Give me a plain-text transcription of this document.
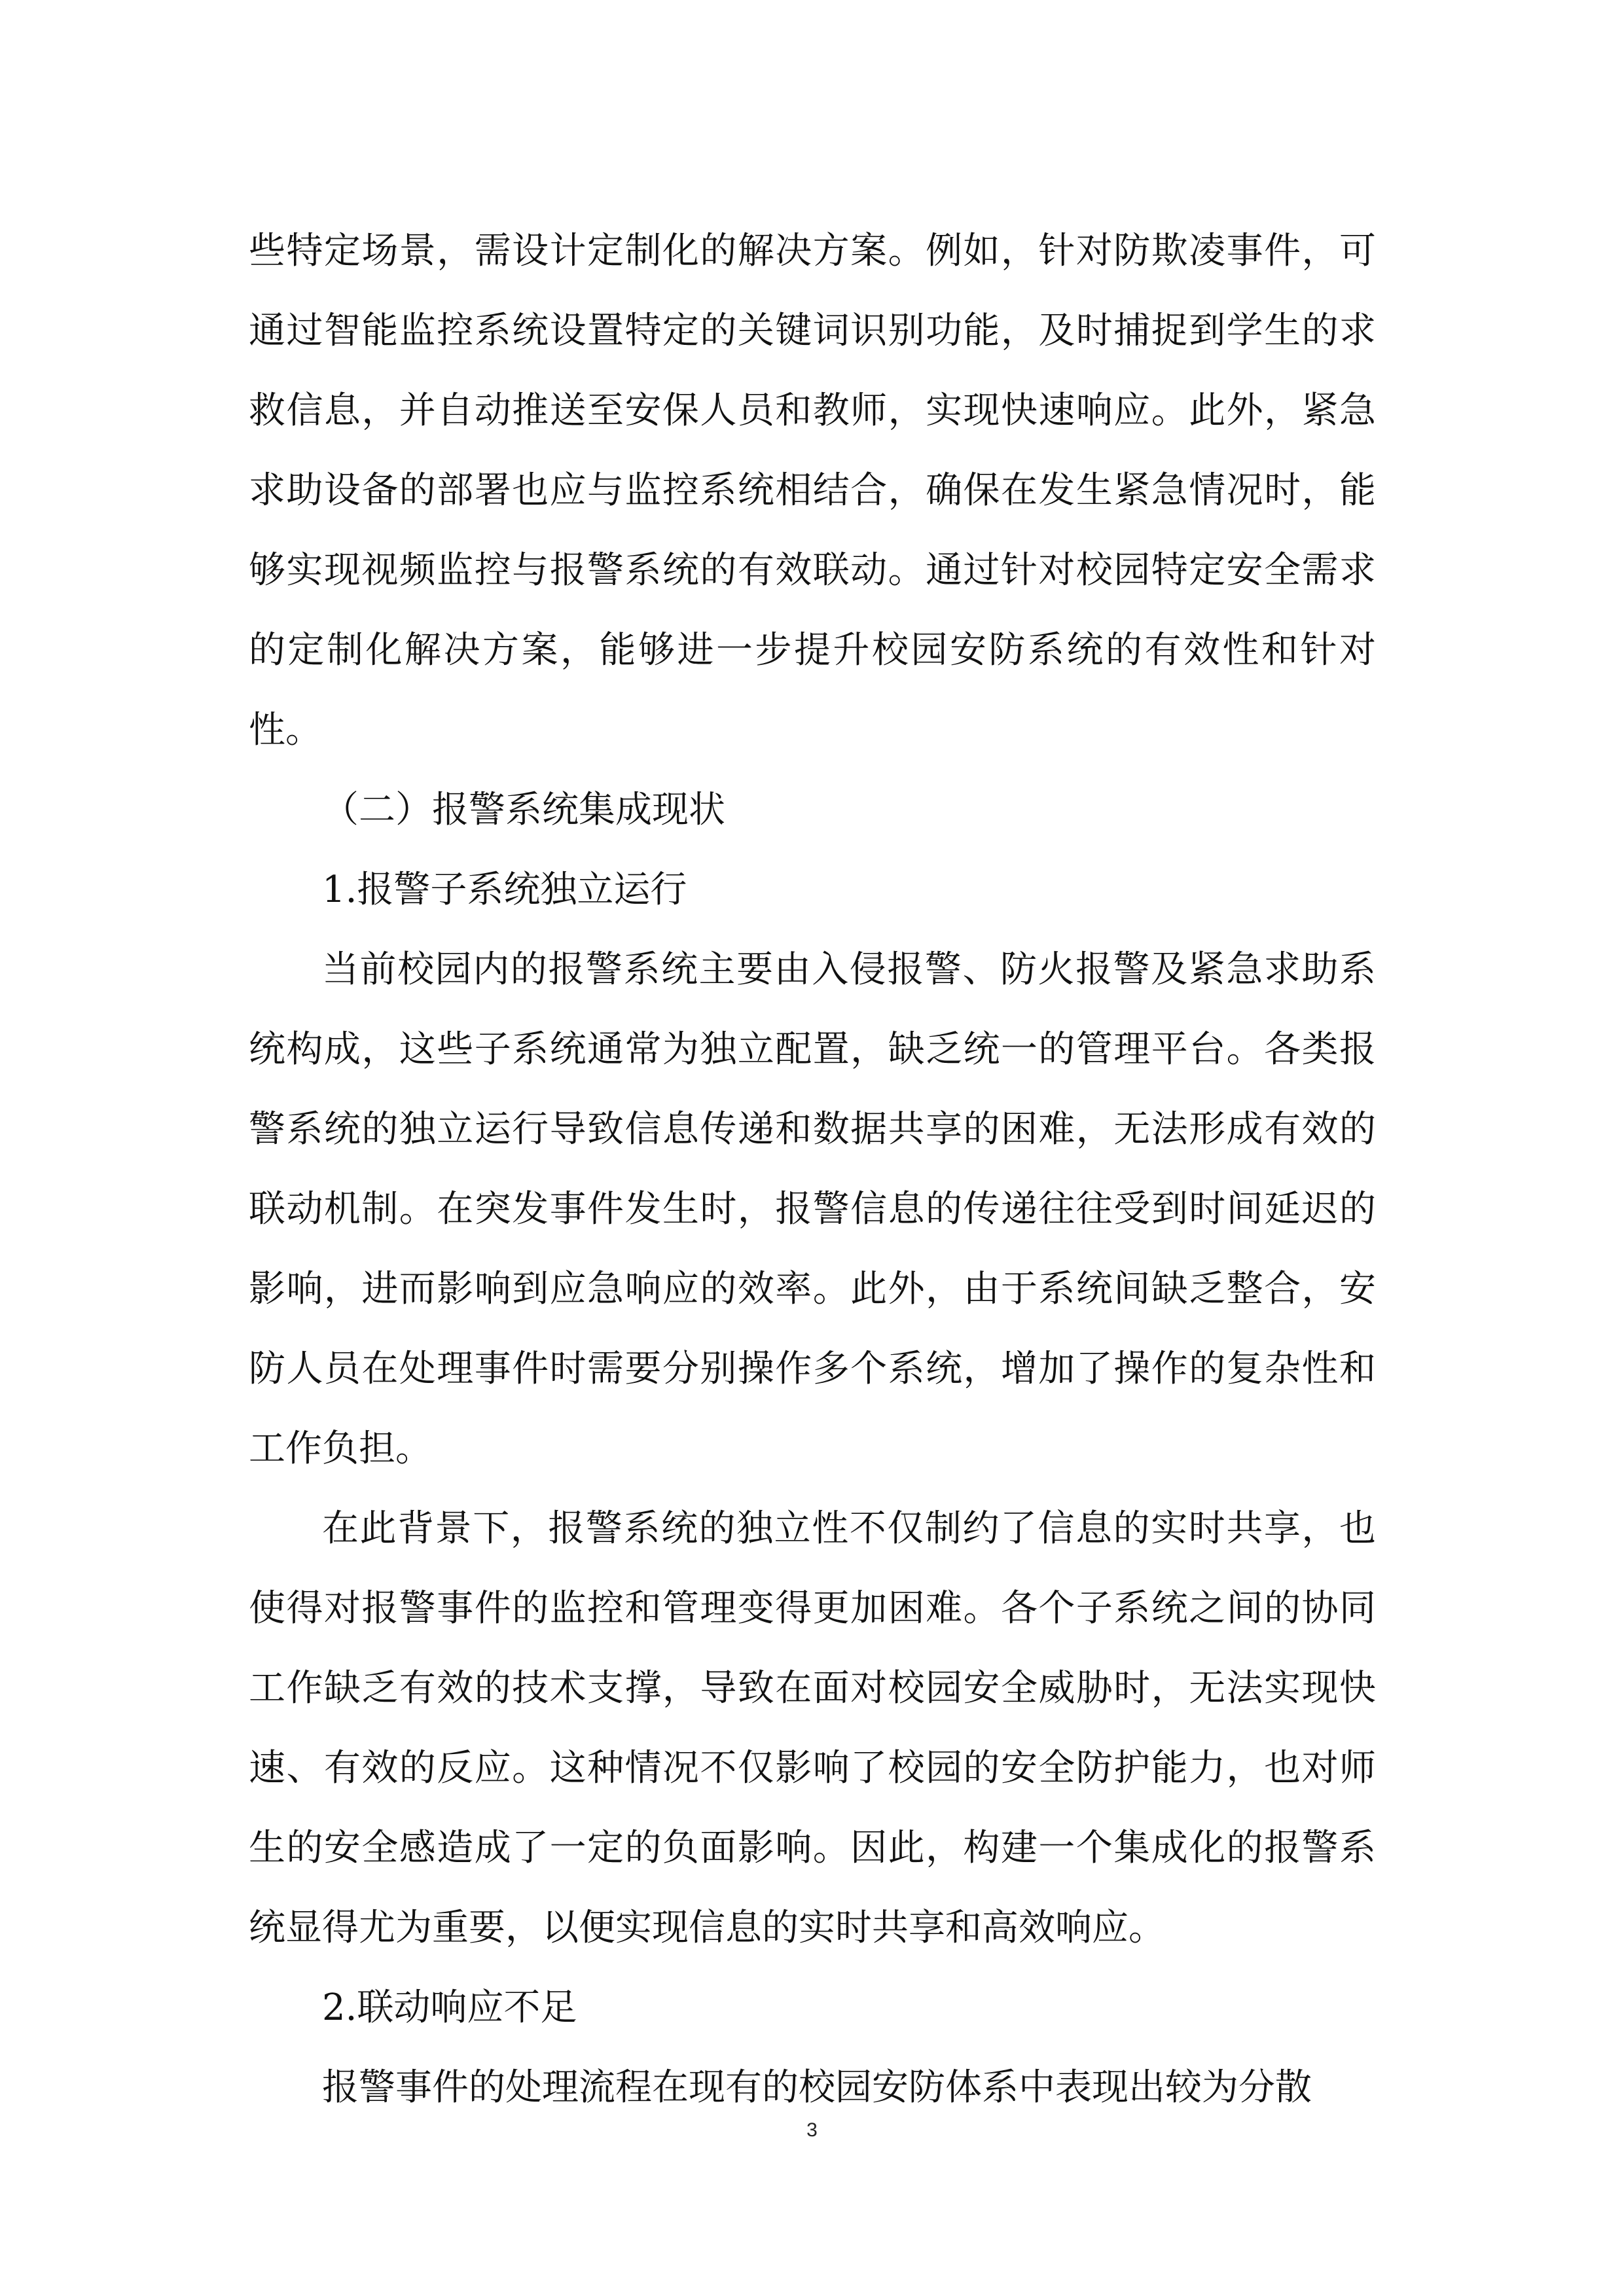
些特定场景，需设计定制化的解决方案。例如，针对防欺凌事件，可通过智能监控系统设置特定的关键词识别功能，及时捕捉到学生的求救信息，并自动推送至安保人员和教师，实现快速响应。此外，紧急求助设备的部署也应与监控系统相结合，确保在发生紧急情况时，能够实现视频监控与报警系统的有效联动。通过针对校园特定安全需求的定制化解决方案，能够进一步提升校园安防系统的有效性和针对性。

（二）报警系统集成现状

1.报警子系统独立运行

当前校园内的报警系统主要由入侵报警、防火报警及紧急求助系统构成，这些子系统通常为独立配置，缺乏统一的管理平台。各类报警系统的独立运行导致信息传递和数据共享的困难，无法形成有效的联动机制。在突发事件发生时，报警信息的传递往往受到时间延迟的影响，进而影响到应急响应的效率。此外，由于系统间缺乏整合，安防人员在处理事件时需要分别操作多个系统，增加了操作的复杂性和工作负担。

在此背景下，报警系统的独立性不仅制约了信息的实时共享，也使得对报警事件的监控和管理变得更加困难。各个子系统之间的协同工作缺乏有效的技术支撑，导致在面对校园安全威胁时，无法实现快速、有效的反应。这种情况不仅影响了校园的安全防护能力，也对师生的安全感造成了一定的负面影响。因此，构建一个集成化的报警系统显得尤为重要，以便实现信息的实时共享和高效响应。

2.联动响应不足

报警事件的处理流程在现有的校园安防体系中表现出较为分散

3
